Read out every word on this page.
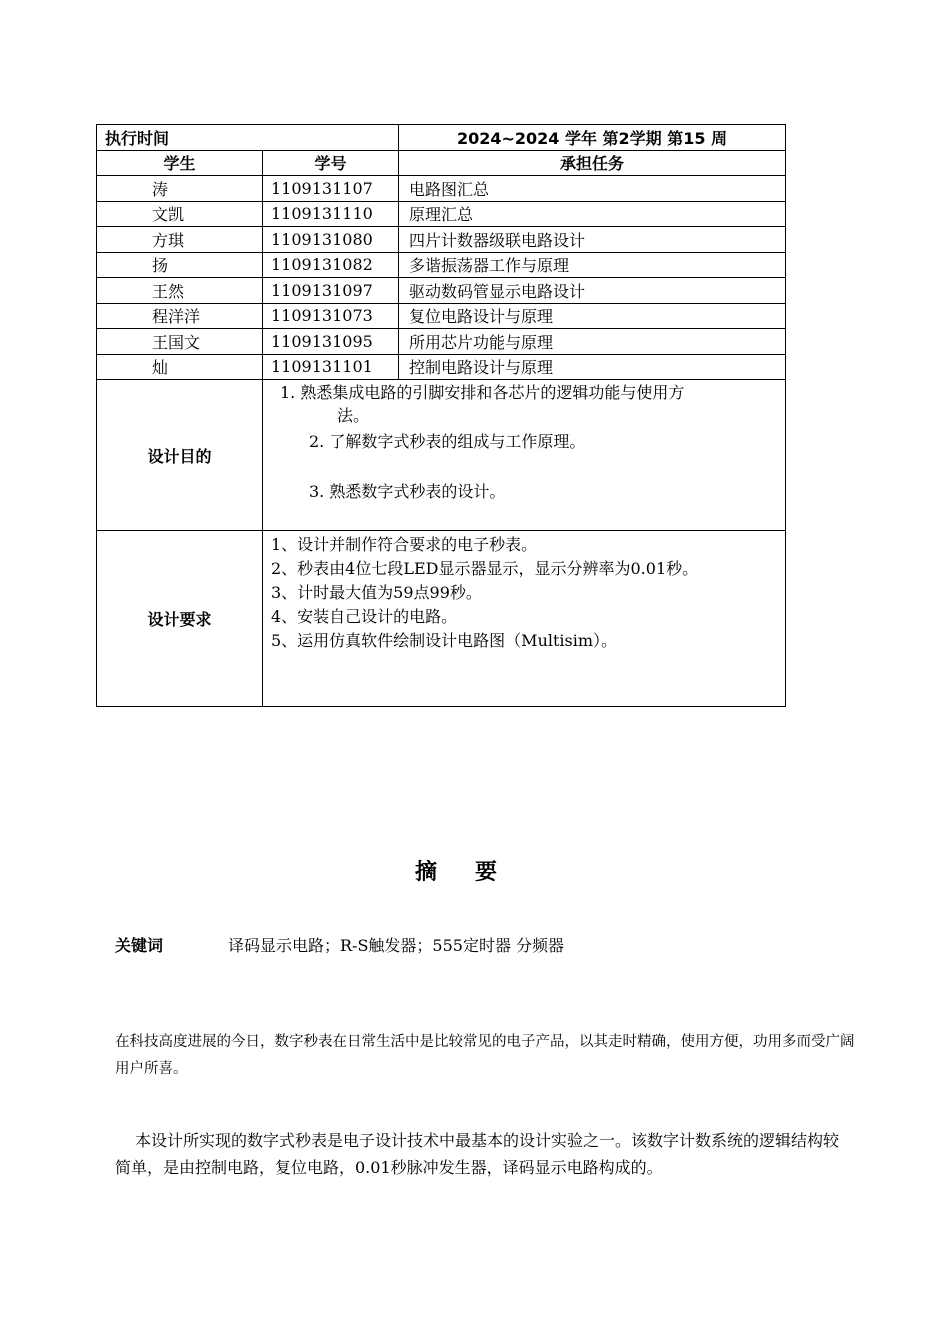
执行时间		2024~2024 学年 第2学期 第15 周
学生	学号	承担任务
涛	1109131107	电路图汇总
文凯	1109131110	原理汇总
方琪	1109131080	四片计数器级联电路设计
扬	1109131082	多谐振荡器工作与原理
王然	1109131097	驱动数码管显示电路设计
程洋洋	1109131073	复位电路设计与原理
王国文	1109131095	所用芯片功能与原理
灿	1109131101	控制电路设计与原理
设计目的	1. 熟悉集成电路的引脚安排和各芯片的逻辑功能与使用方
法。
2. 了解数字式秒表的组成与工作原理。
3. 熟悉数字式秒表的设计。	

设计要求	1、设计并制作符合要求的电子秒表。

2、秒表由4位七段LED显示器显示，显示分辨率为0.01秒。

3、计时最大值为59点99秒。

4、安装自己设计的电路。

5、运用仿真软件绘制设计电路图（Multisim）。	

摘要
关键词	译码显示电路；R-S触发器；555定时器 分频器

在科技高度进展的今日，数字秒表在日常生活中是比较常见的电子产品，以其走时精确，使用方便，功用多而受广阔用户所喜。

本设计所实现的数字式秒表是电子设计技术中最基本的设计实验之一。该数字计数系统的逻辑结构较简单，是由控制电路，复位电路，0.01秒脉冲发生器，译码显示电路构成的。
